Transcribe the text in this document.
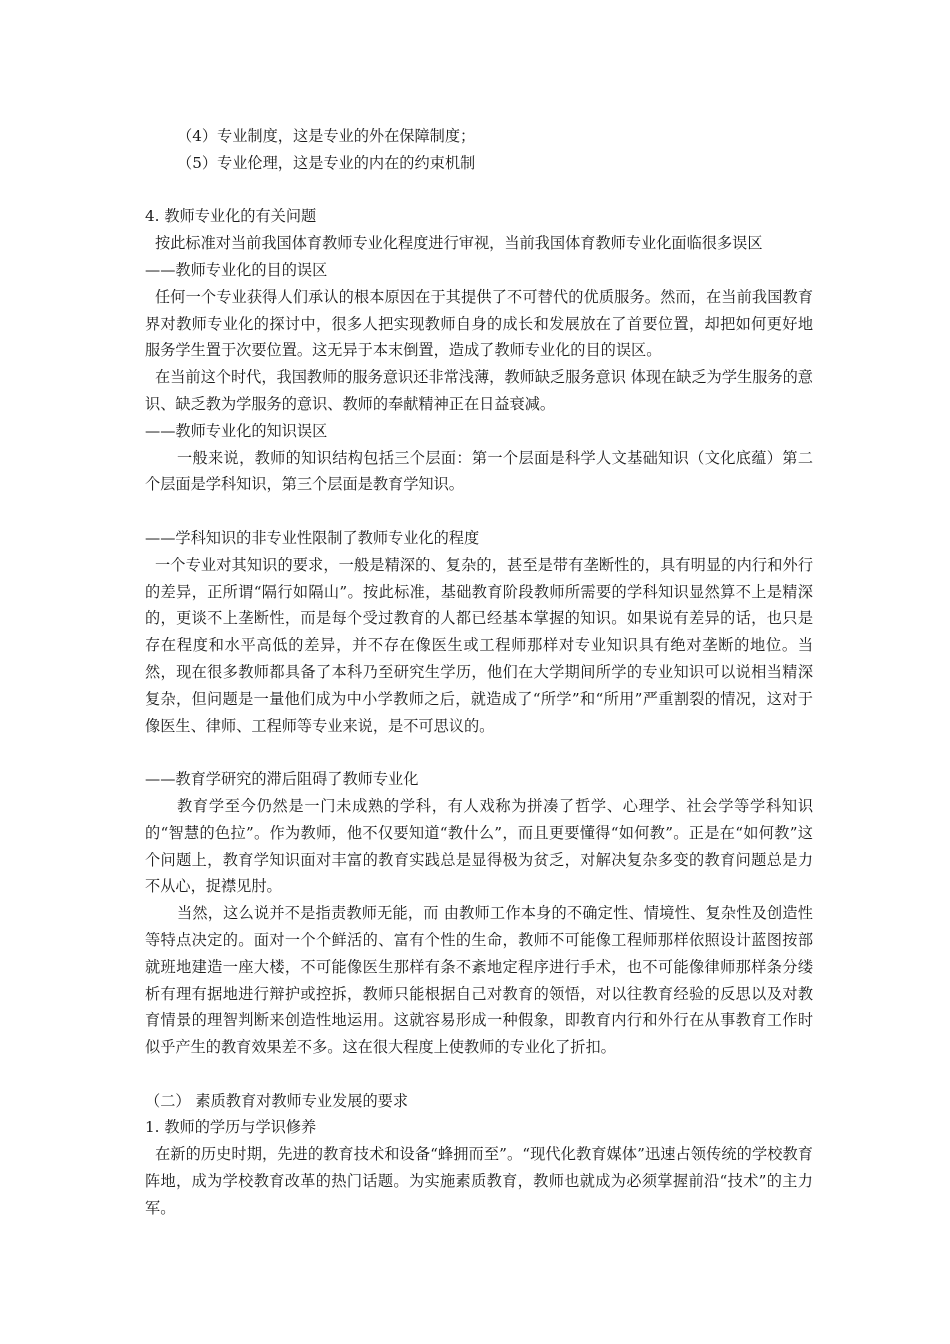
（4）专业制度，这是专业的外在保障制度；

（5）专业伦理，这是专业的内在的约束机制

4. 教师专业化的有关问题

按此标准对当前我国体育教师专业化程度进行审视，当前我国体育教师专业化面临很多误区

——教师专业化的目的误区

任何一个专业获得人们承认的根本原因在于其提供了不可替代的优质服务。然而，在当前我国教育界对教师专业化的探讨中，很多人把实现教师自身的成长和发展放在了首要位置，却把如何更好地服务学生置于次要位置。这无异于本末倒置，造成了教师专业化的目的误区。

在当前这个时代，我国教师的服务意识还非常浅薄，教师缺乏服务意识 体现在缺乏为学生服务的意识、缺乏教为学服务的意识、教师的奉献精神正在日益衰减。

——教师专业化的知识误区

一般来说，教师的知识结构包括三个层面：第一个层面是科学人文基础知识（文化底蕴）第二个层面是学科知识，第三个层面是教育学知识。

——学科知识的非专业性限制了教师专业化的程度

一个专业对其知识的要求，一般是精深的、复杂的，甚至是带有垄断性的，具有明显的内行和外行的差异，正所谓“隔行如隔山”。按此标准，基础教育阶段教师所需要的学科知识显然算不上是精深的，更谈不上垄断性，而是每个受过教育的人都已经基本掌握的知识。如果说有差异的话，也只是存在程度和水平高低的差异，并不存在像医生或工程师那样对专业知识具有绝对垄断的地位。当然，现在很多教师都具备了本科乃至研究生学历，他们在大学期间所学的专业知识可以说相当精深复杂，但问题是一量他们成为中小学教师之后，就造成了“所学”和“所用”严重割裂的情况，这对于像医生、律师、工程师等专业来说，是不可思议的。

——教育学研究的滞后阻碍了教师专业化

教育学至今仍然是一门未成熟的学科，有人戏称为拼凑了哲学、心理学、社会学等学科知识的“智慧的色拉”。作为教师，他不仅要知道“教什么”，而且更要懂得“如何教”。正是在“如何教”这个问题上，教育学知识面对丰富的教育实践总是显得极为贫乏，对解决复杂多变的教育问题总是力不从心，捉襟见肘。

当然，这么说并不是指责教师无能，而 由教师工作本身的不确定性、情境性、复杂性及创造性等特点决定的。面对一个个鲜活的、富有个性的生命，教师不可能像工程师那样依照设计蓝图按部就班地建造一座大楼，不可能像医生那样有条不紊地定程序进行手术，也不可能像律师那样条分缕析有理有据地进行辩护或控拆，教师只能根据自己对教育的领悟，对以往教育经验的反思以及对教育情景的理智判断来创造性地运用。这就容易形成一种假象，即教育内行和外行在从事教育工作时似乎产生的教育效果差不多。这在很大程度上使教师的专业化了折扣。

（二） 素质教育对教师专业发展的要求

1. 教师的学历与学识修养

在新的历史时期，先进的教育技术和设备“蜂拥而至”。“现代化教育媒体”迅速占领传统的学校教育阵地，成为学校教育改革的热门话题。为实施素质教育，教师也就成为必须掌握前沿“技术”的主力军。
